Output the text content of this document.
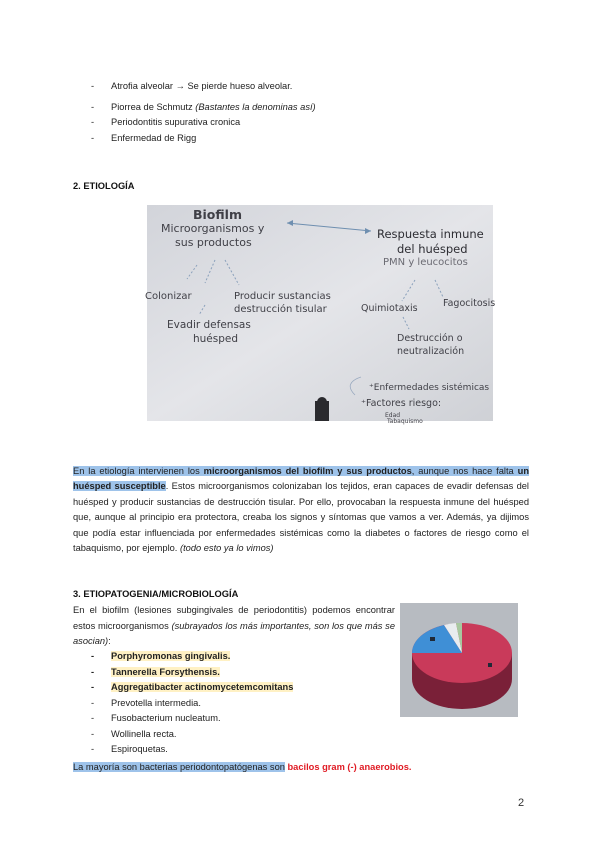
- Atrofia alveolar → Se pierde hueso alveolar.
- Piorrea de Schmutz (Bastantes la denominas así)
- Periodontitis supurativa cronica
- Enfermedad de Rigg
2. ETIOLOGÍA
Biofilm
Microorganismos y
sus productos
Colonizar	Producir sustancias
destrucción tisular
Evadir defensas
huésped
Respuesta inmune
del huésped
PMN y leucocitos
Quimiotaxis	Fagocitosis
Destrucción o
neutralización
⁺Enfermedades sistémicas
⁺Factores riesgo:
Edad
Tabaquismo
En la etiología intervienen los microorganismos del biofilm y sus productos, aunque nos hace falta un huésped susceptible. Estos microorganismos colonizaban los tejidos, eran capaces de evadir defensas del huésped y producir sustancias de destrucción tisular. Por ello, provocaban la respuesta inmune del huésped que, aunque al principio era protectora, creaba los signos y síntomas que vamos a ver. Además, ya dijimos que podía estar influenciada por enfermedades sistémicas como la diabetes o factores de riesgo como el tabaquismo, por ejemplo. (todo esto ya lo vimos)
3. ETIOPATOGENIA/MICROBIOLOGÍA
En el biofilm (lesiones subgingivales de periodontitis) podemos encontrar estos microorganismos (subrayados los más importantes, son los que más se asocian):
- Porphyromonas gingivalis.
- Tannerella Forsythensis.
- Aggregatibacter actinomycetemcomitans
- Prevotella intermedia.
- Fusobacterium nucleatum.
- Wollinella recta.
- Espiroquetas.
La mayoría son bacterias periodontopatógenas son bacilos gram (-) anaerobios.
2
